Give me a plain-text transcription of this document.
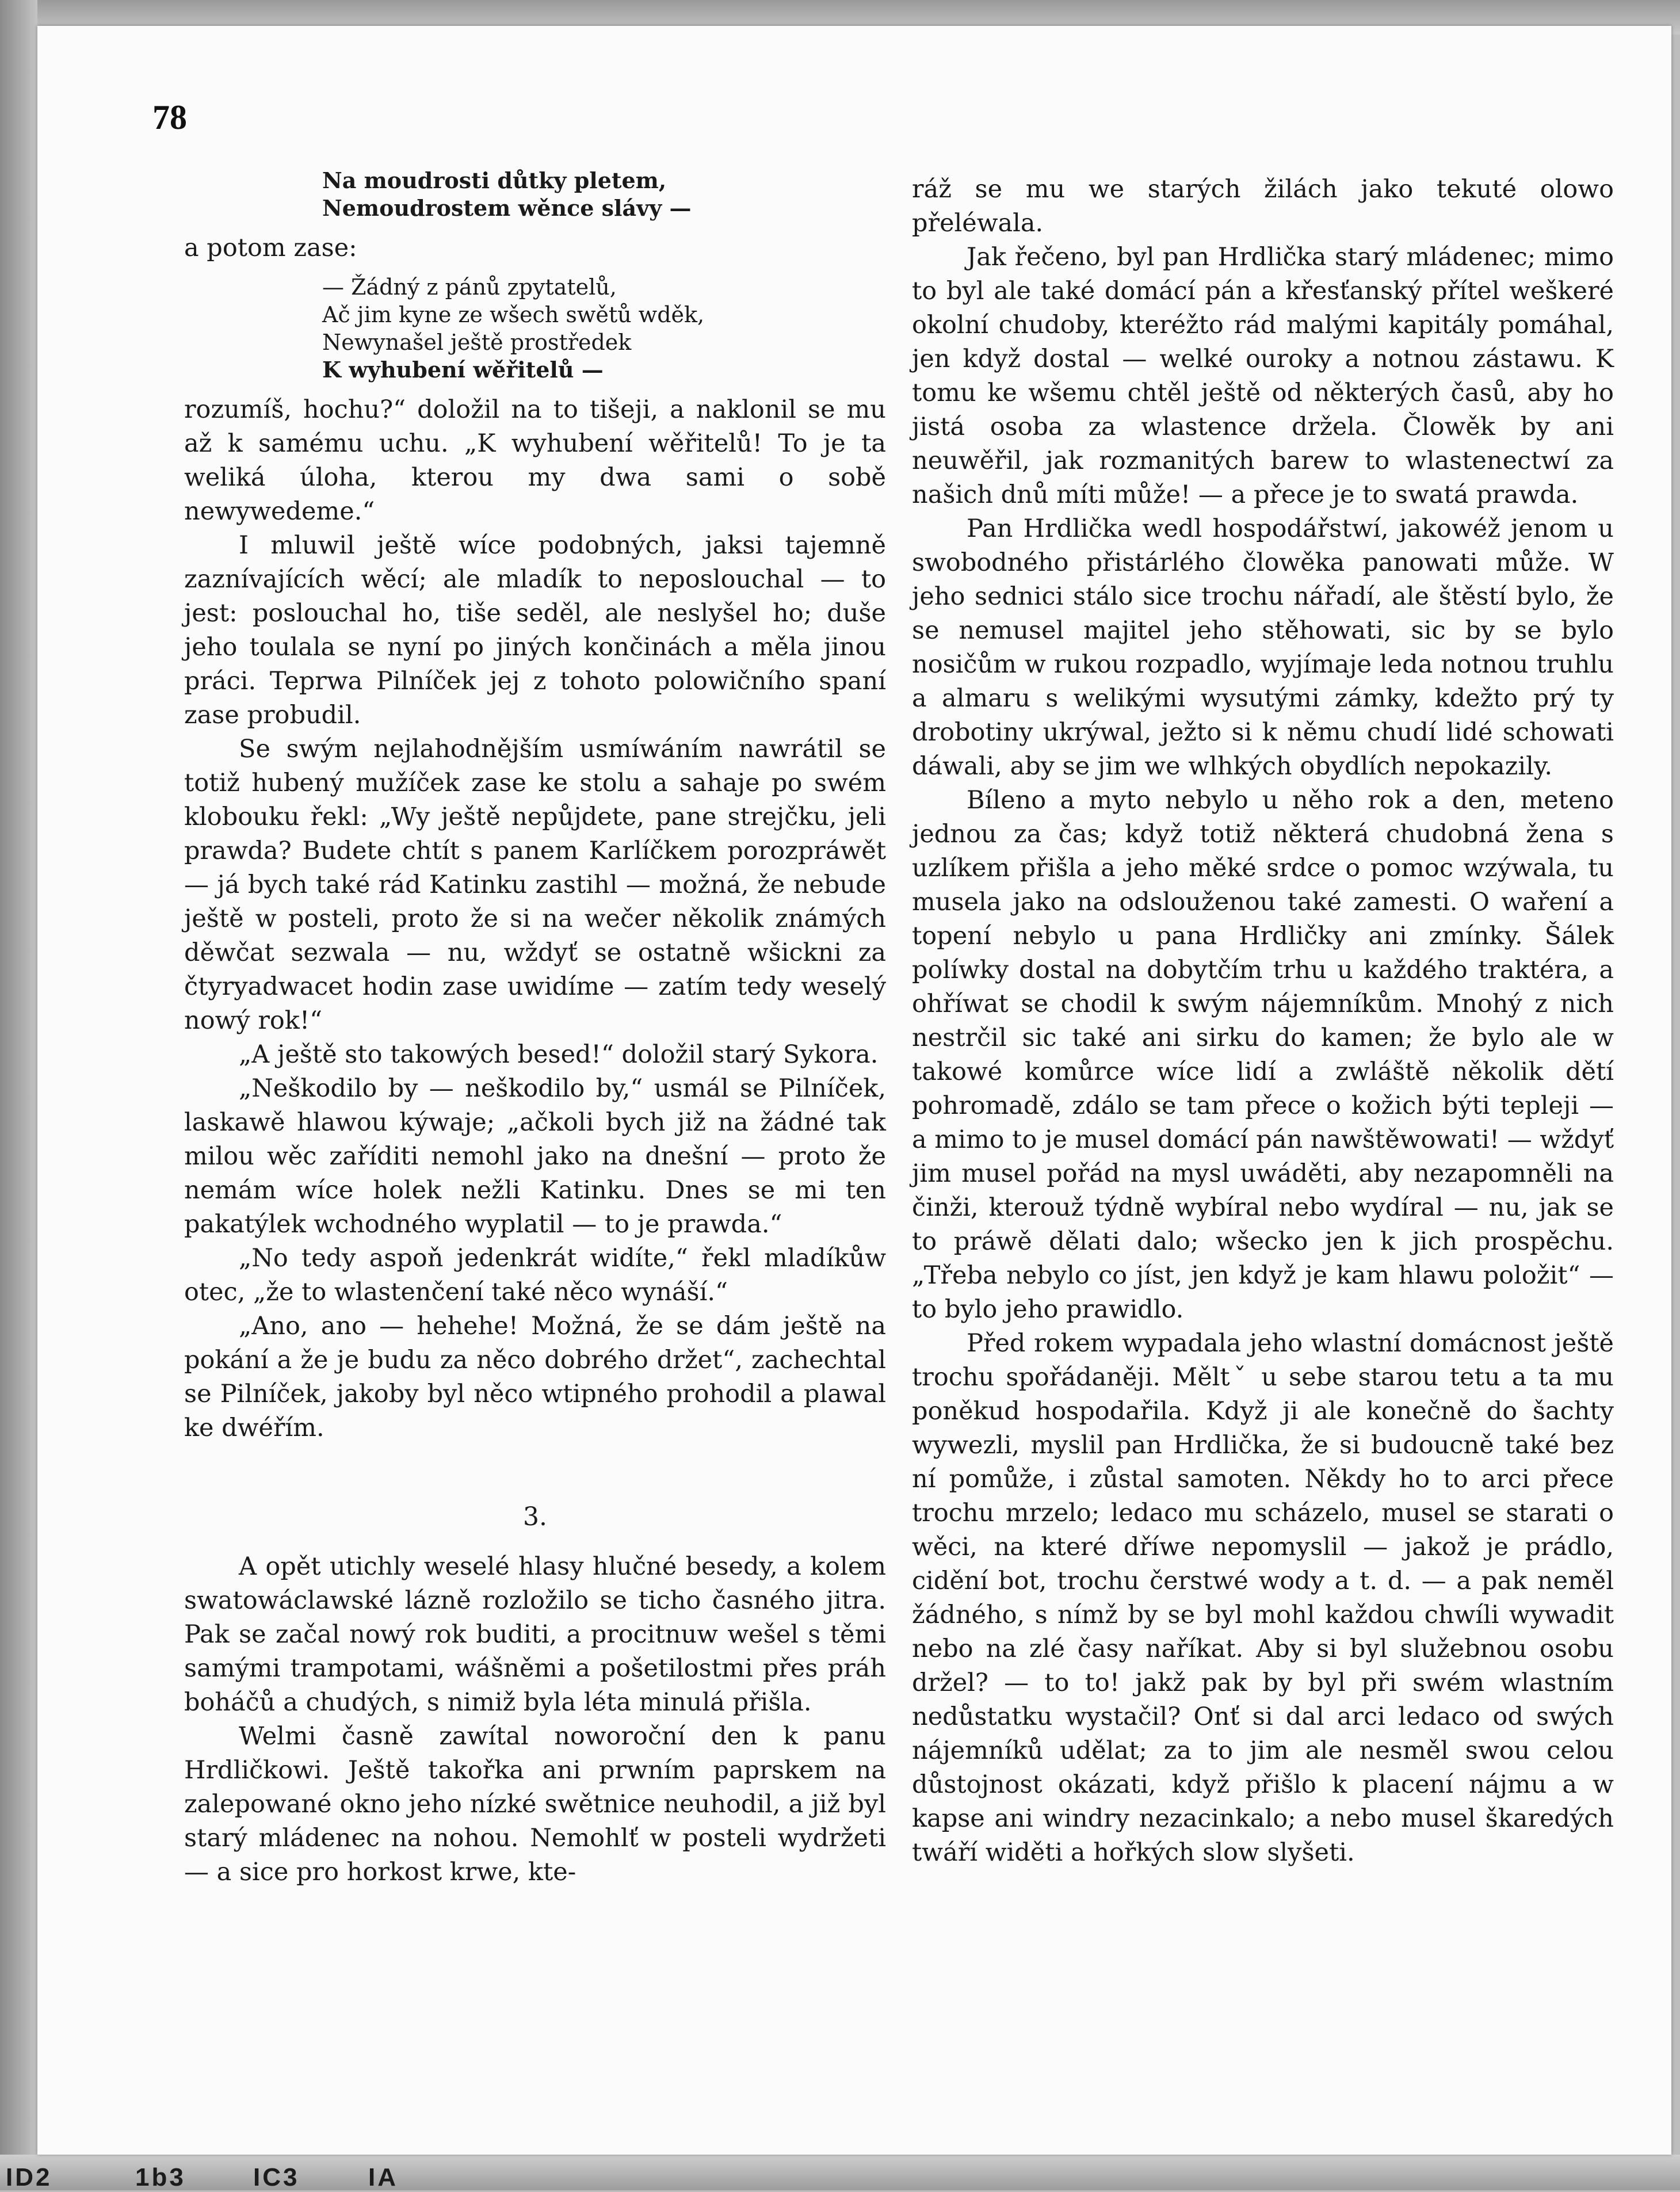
78
Na moudrosti důtky pletem,
Nemoudrostem wěnce slávy —

a potom zase:

— Žádný z pánů zpytatelů,
Ač jim kyne ze wšech swětů wděk,
Newynašel ještě prostředek
K wyhubení wěřitelů —

rozumíš, hochu?“ doložil na to tišeji, a naklonil se mu až k samému uchu. „K wyhubení wěřitelů! To je ta weliká úloha, kterou my dwa sami o sobě newywedeme.“

I mluwil ještě wíce podobných, jaksi tajemně zaznívajících wěcí; ale mladík to neposlouchal — to jest: poslouchal ho, tiše seděl, ale neslyšel ho; duše jeho toulala se nyní po jiných končinách a měla jinou práci. Teprwa Pilníček jej z tohoto polowičního spaní zase probudil.

Se swým nejlahodnějším usmíwáním nawrátil se totiž hubený mužíček zase ke stolu a sahaje po swém klobouku řekl: „Wy ještě nepůjdete, pane strejčku, jeli prawda? Budete chtít s panem Karlíčkem porozpráwět — já bych také rád Katinku zastihl — možná, že nebude ještě w posteli, proto že si na wečer několik známých děwčat sezwala — nu, wždyť se ostatně wšickni za čtyryadwacet hodin zase uwidíme — zatím tedy weselý nowý rok!“

„A ještě sto takowých besed!“ doložil starý Sykora.

„Neškodilo by — neškodilo by,“ usmál se Pilníček, laskawě hlawou kýwaje; „ačkoli bych již na žádné tak milou wěc zaříditi nemohl jako na dnešní — proto že nemám wíce holek nežli Katinku. Dnes se mi ten pakatýlek wchodného wyplatil — to je prawda.“

„No tedy aspoň jedenkrát widíte,“ řekl mladíkůw otec, „že to wlastenčení také něco wynáší.“

„Ano, ano — hehehe! Možná, že se dám ještě na pokání a že je budu za něco dobrého držet“, zachechtal se Pilníček, jakoby byl něco wtipného prohodil a plawal ke dwéřím.

3.

A opět utichly weselé hlasy hlučné besedy, a kolem swatowáclawské lázně rozložilo se ticho časného jitra. Pak se začal nowý rok buditi, a procitnuw wešel s těmi samými trampotami, wášněmi a pošetilostmi přes práh boháčů a chudých, s nimiž byla léta minulá přišla.

Welmi časně zawítal noworoční den k panu Hrdličkowi. Ještě takořka ani prwním paprskem na zalepowané okno jeho nízké swětnice neuhodil, a již byl starý mládenec na nohou. Nemohlť w posteli wydržeti — a sice pro horkost krwe, kte-

ráž se mu we starých žilách jako tekuté olowo přeléwala.

Jak řečeno, byl pan Hrdlička starý mládenec; mimo to byl ale také domácí pán a křesťanský přítel weškeré okolní chudoby, kteréžto rád malými kapitály pomáhal, jen když dostal — welké ouroky a notnou zástawu. K tomu ke wšemu chtěl ještě od některých časů, aby ho jistá osoba za wlastence držela. Člowěk by ani neuwěřil, jak rozmanitých barew to wlastenectwí za našich dnů míti může! — a přece je to swatá prawda.

Pan Hrdlička wedl hospodářstwí, jakowéž jenom u swobodného přistárlého člowěka panowati může. W jeho sednici stálo sice trochu nářadí, ale štěstí bylo, že se nemusel majitel jeho stěhowati, sic by se bylo nosičům w rukou rozpadlo, wyjímaje leda notnou truhlu a almaru s welikými wysutými zámky, kdežto prý ty drobotiny ukrýwal, ježto si k němu chudí lidé schowati dáwali, aby se jim we wlhkých obydlích nepokazily.

Bíleno a myto nebylo u něho rok a den, meteno jednou za čas; když totiž některá chudobná žena s uzlíkem přišla a jeho měké srdce o pomoc wzýwala, tu musela jako na odslouženou také zamesti. O waření a topení nebylo u pana Hrdličky ani zmínky. Šálek políwky dostal na dobytčím trhu u každého traktéra, a ohříwat se chodil k swým nájemníkům. Mnohý z nich nestrčil sic také ani sirku do kamen; že bylo ale w takowé komůrce wíce lidí a zwláště několik dětí pohromadě, zdálo se tam přece o kožich býti tepleji — a mimo to je musel domácí pán nawštěwowati! — wždyť jim musel pořád na mysl uwáděti, aby nezapomněli na činži, kterouž týdně wybíral nebo wydíral — nu, jak se to práwě dělati dalo; wšecko jen k jich prospěchu. „Třeba nebylo co jíst, jen když je kam hlawu položit“ — to bylo jeho prawidlo.

Před rokem wypadala jeho wlastní domácnost ještě trochu spořádaněji. Měltˇ u sebe starou tetu a ta mu poněkud hospodařila. Když ji ale konečně do šachty wywezli, myslil pan Hrdlička, že si budoucně také bez ní pomůže, i zůstal samoten. Někdy ho to arci přece trochu mrzelo; ledaco mu scházelo, musel se starati o wěci, na které dříwe nepomyslil — jakož je prádlo, cidění bot, trochu čerstwé wody a t. d. — a pak neměl žádného, s nímž by se byl mohl každou chwíli wywadit nebo na zlé časy naříkat. Aby si byl služebnou osobu držel? — to to! jakž pak by byl při swém wlastním nedůstatku wystačil? Onť si dal arci ledaco od swých nájemníků udělat; za to jim ale nesměl swou celou důstojnost okázati, když přišlo k placení nájmu a w kapse ani windry nezacinkalo; a nebo musel škaredých twáří widěti a hořkých slow slyšeti.

ID2	1b3	IC3	IA
